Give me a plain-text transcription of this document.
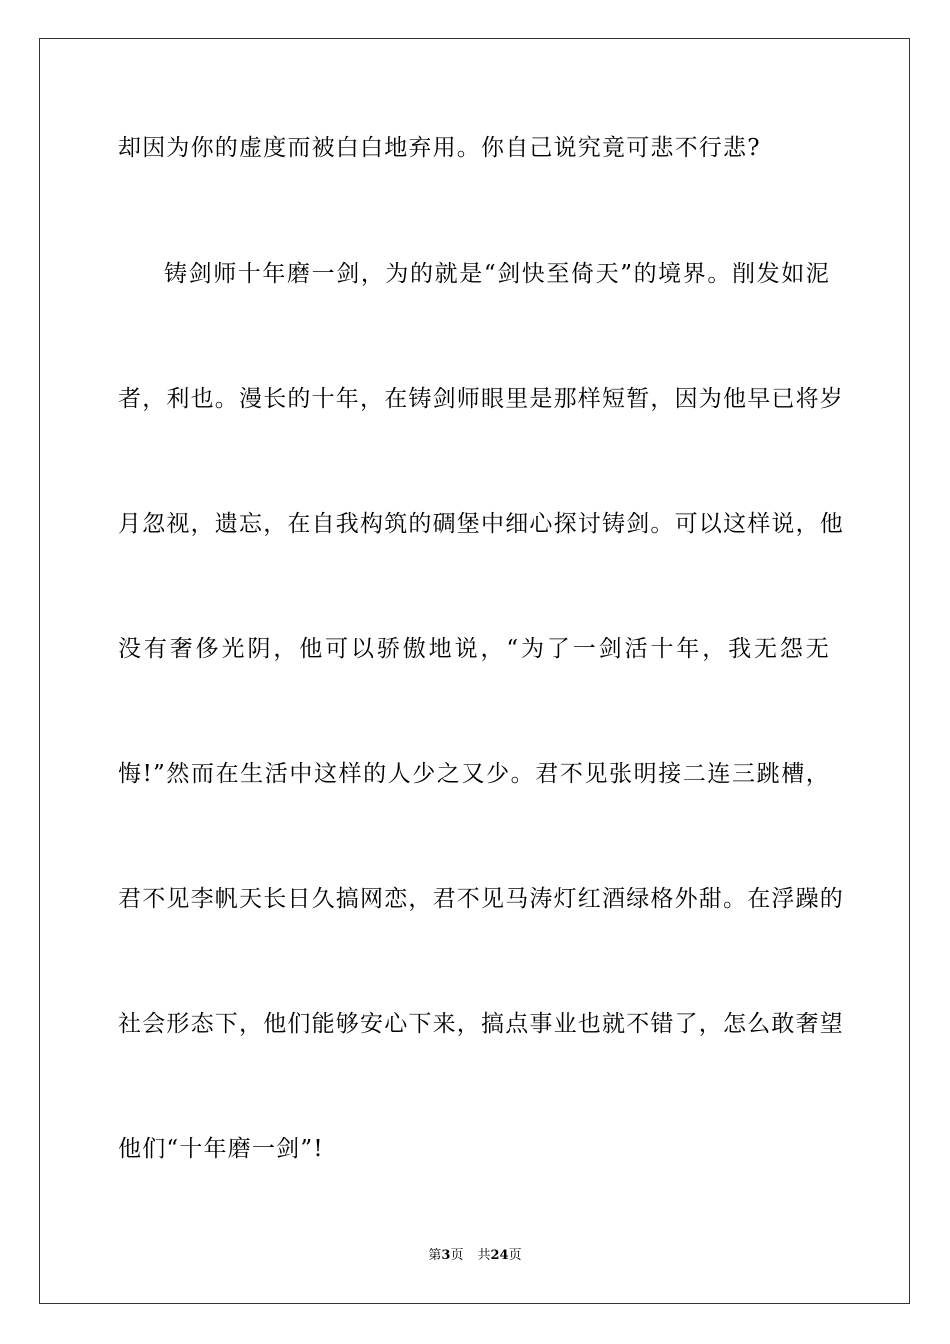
却因为你的虚度而被白白地弃用。你自己说究竟可悲不行悲?
铸剑师十年磨一剑，为的就是“剑快至倚天”的境界。削发如泥
者，利也。漫长的十年，在铸剑师眼里是那样短暂，因为他早已将岁
月忽视，遗忘，在自我构筑的碉堡中细心探讨铸剑。可以这样说，他
没有奢侈光阴，他可以骄傲地说，“为了一剑活十年，我无怨无
悔!”然而在生活中这样的人少之又少。君不见张明接二连三跳槽，
君不见李帆天长日久搞网恋，君不见马涛灯红酒绿格外甜。在浮躁的
社会形态下，他们能够安心下来，搞点事业也就不错了，怎么敢奢望
他们“十年磨一剑”!
第3页 共24页
